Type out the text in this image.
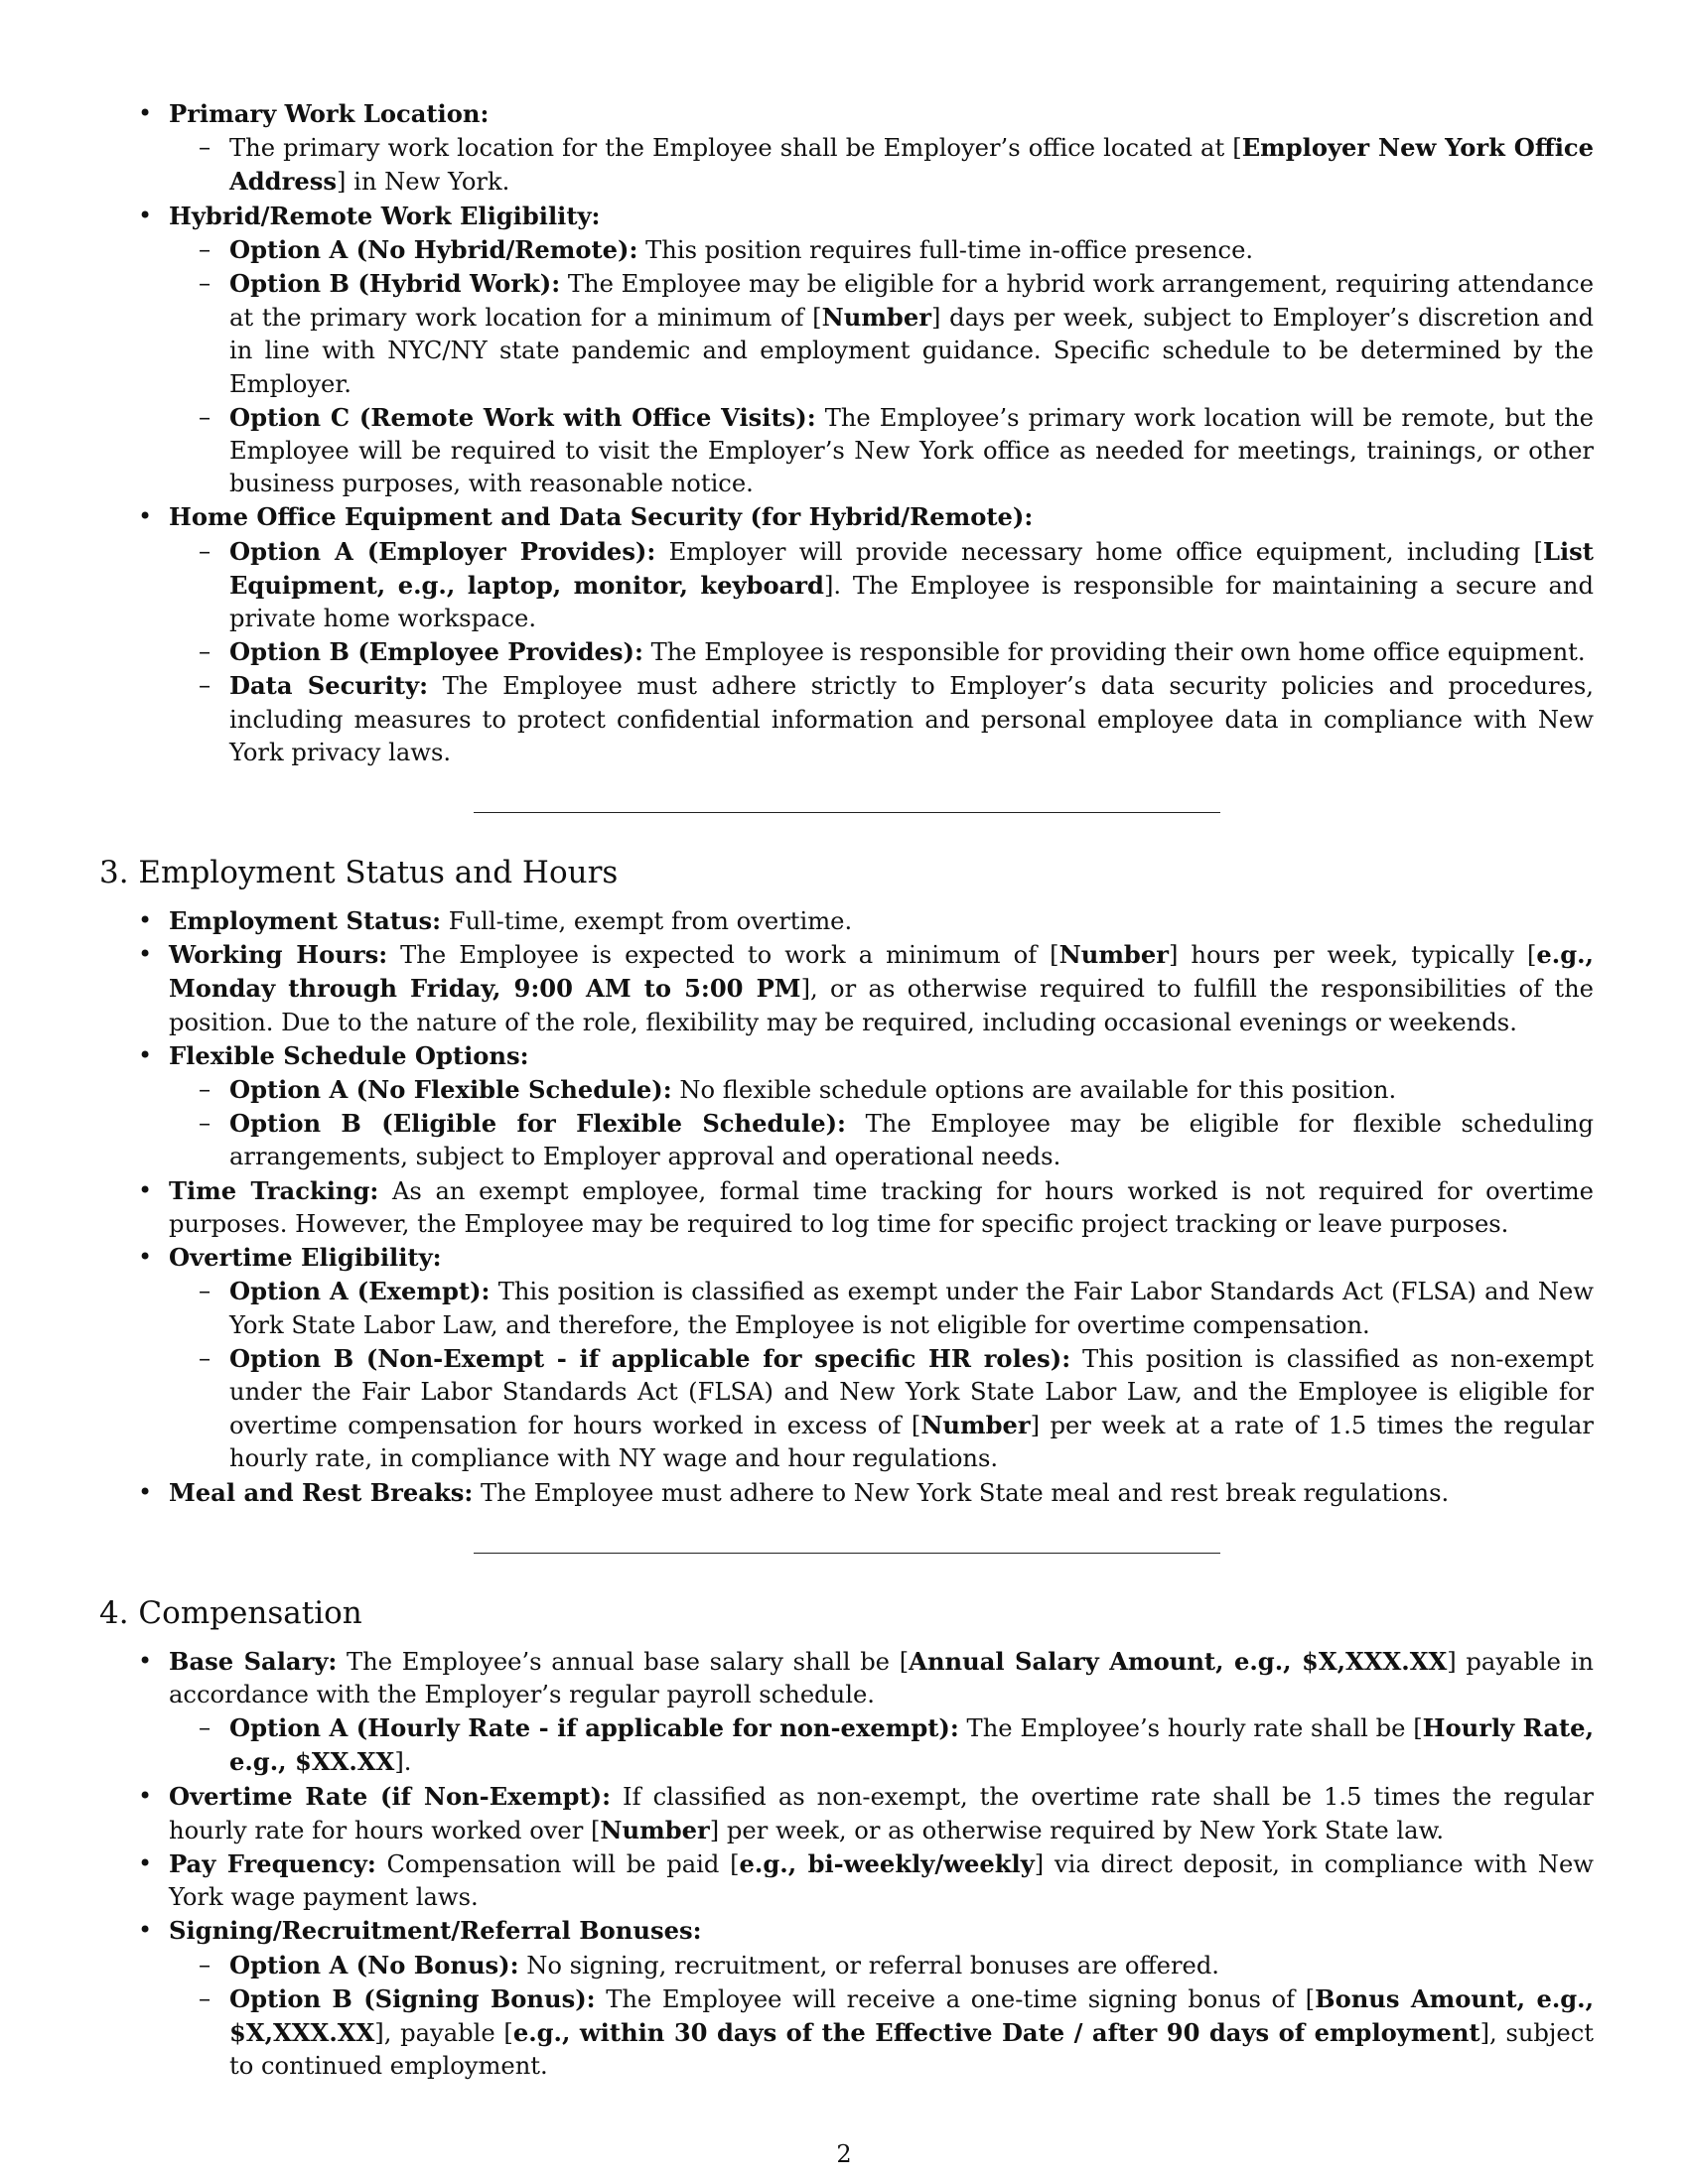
• Primary Work Location:
– The primary work location for the Employee shall be Employer’s office located at [Employer New York Office Address] in New York.
• Hybrid/Remote Work Eligibility:
– Option A (No Hybrid/Remote): This position requires full-time in-office presence.
– Option B (Hybrid Work): The Employee may be eligible for a hybrid work arrangement, requiring attendance at the primary work location for a minimum of [Number] days per week, subject to Employer’s discretion and in line with NYC/NY state pandemic and employment guidance. Specific schedule to be determined by the Employer.
– Option C (Remote Work with Office Visits): The Employee’s primary work location will be remote, but the Employee will be required to visit the Employer’s New York office as needed for meetings, trainings, or other business purposes, with reasonable notice.
• Home Office Equipment and Data Security (for Hybrid/Remote):
– Option A (Employer Provides): Employer will provide necessary home office equipment, including [List Equipment, e.g., laptop, monitor, keyboard]. The Employee is responsible for maintaining a secure and private home workspace.
– Option B (Employee Provides): The Employee is responsible for providing their own home office equipment.
– Data Security: The Employee must adhere strictly to Employer’s data security policies and procedures, including measures to protect confidential information and personal employee data in compliance with New York privacy laws.
3. Employment Status and Hours
• Employment Status: Full-time, exempt from overtime.
• Working Hours: The Employee is expected to work a minimum of [Number] hours per week, typically [e.g., Monday through Friday, 9:00 AM to 5:00 PM], or as otherwise required to fulfill the responsibilities of the position. Due to the nature of the role, flexibility may be required, including occasional evenings or weekends.
• Flexible Schedule Options:
– Option A (No Flexible Schedule): No flexible schedule options are available for this position.
– Option B (Eligible for Flexible Schedule): The Employee may be eligible for flexible scheduling arrangements, subject to Employer approval and operational needs.
• Time Tracking: As an exempt employee, formal time tracking for hours worked is not required for overtime purposes. However, the Employee may be required to log time for specific project tracking or leave purposes.
• Overtime Eligibility:
– Option A (Exempt): This position is classified as exempt under the Fair Labor Standards Act (FLSA) and New York State Labor Law, and therefore, the Employee is not eligible for overtime compensation.
– Option B (Non-Exempt - if applicable for specific HR roles): This position is classified as non-exempt under the Fair Labor Standards Act (FLSA) and New York State Labor Law, and the Employee is eligible for overtime compensation for hours worked in excess of [Number] per week at a rate of 1.5 times the regular hourly rate, in compliance with NY wage and hour regulations.
• Meal and Rest Breaks: The Employee must adhere to New York State meal and rest break regulations.
4. Compensation
• Base Salary: The Employee’s annual base salary shall be [Annual Salary Amount, e.g., $X,XXX.XX] payable in accordance with the Employer’s regular payroll schedule.
– Option A (Hourly Rate - if applicable for non-exempt): The Employee’s hourly rate shall be [Hourly Rate, e.g., $XX.XX].
• Overtime Rate (if Non-Exempt): If classified as non-exempt, the overtime rate shall be 1.5 times the regular hourly rate for hours worked over [Number] per week, or as otherwise required by New York State law.
• Pay Frequency: Compensation will be paid [e.g., bi-weekly/weekly] via direct deposit, in compliance with New York wage payment laws.
• Signing/Recruitment/Referral Bonuses:
– Option A (No Bonus): No signing, recruitment, or referral bonuses are offered.
– Option B (Signing Bonus): The Employee will receive a one-time signing bonus of [Bonus Amount, e.g., $X,XXX.XX], payable [e.g., within 30 days of the Effective Date / after 90 days of employment], subject to continued employment.
2
